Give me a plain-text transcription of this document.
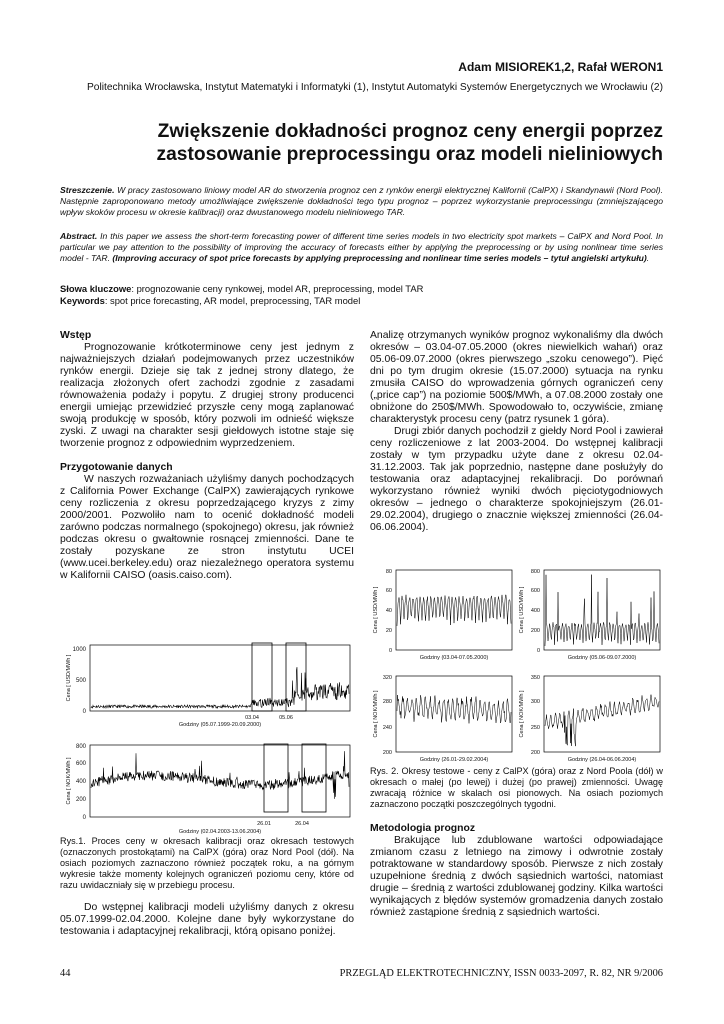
Adam MISIOREK1,2, Rafał WERON1
Politechnika Wrocławska, Instytut Matematyki i Informatyki (1), Instytut Automatyki Systemów Energetycznych we Wrocławiu (2)
Zwiększenie dokładności prognoz ceny energii poprzez
zastosowanie preprocessingu oraz modeli nieliniowych
Streszczenie. W pracy zastosowano liniowy model AR do stworzenia prognoz cen z rynków energii elektrycznej Kalifornii (CalPX) i Skandynawii (Nord Pool). Następnie zaproponowano metody umożliwiające zwiększenie dokładności tego typu prognoz – poprzez wykorzystanie preprocessingu (zmniejszającego wpływ skoków procesu w okresie kalibracji) oraz dwustanowego modelu nieliniowego TAR.
Abstract. In this paper we assess the short-term forecasting power of different time series models in two electricity spot markets – CalPX and Nord Pool. In particular we pay attention to the possibility of improving the accuracy of forecasts either by applying the preprocessing or by using nonlinear time series model - TAR. (Improving accuracy of spot price forecasts by applying preprocessing and nonlinear time series models – tytuł angielski artykułu).
Słowa kluczowe: prognozowanie ceny rynkowej, model AR, preprocessing, model TAR
Keywords: spot price forecasting, AR model, preprocessing, TAR model

Wstęp

Prognozowanie krótkoterminowe ceny jest jednym z najważniejszych działań podejmowanych przez uczestników rynków energii. Dzieje się tak z jednej strony dlatego, że realizacja złożonych ofert zachodzi zgodnie z zasadami równoważenia podaży i popytu. Z drugiej strony producenci energii umiejąc przewidzieć przyszłe ceny mogą zaplanować swoją produkcję w sposób, który pozwoli im odnieść większe zyski. Z uwagi na charakter sesji giełdowych istotne staje się tworzenie prognoz z odpowiednim wyprzedzeniem.

Przygotowanie danych

W naszych rozważaniach użyliśmy danych pochodzących z California Power Exchange (CalPX) zawierających rynkowe ceny rozliczenia z okresu poprzedzającego kryzys z zimy 2000/2001. Pozwoliło nam to ocenić dokładność modeli zarówno podczas normalnego (spokojnego) okresu, jak również podczas okresu o gwałtownie rosnącej zmienności. Dane te zostały pozyskane ze stron instytutu UCEI (www.ucei.berkeley.edu) oraz niezależnego operatora systemu w Kalifornii CAISO (oasis.caiso.com).

0
500
1000
Cena [ USD/MWh ]
03.04	05.06
Godziny (05.07.1999-20.09.2000)
0
200
400
600
800
Cena [ NOK/MWh ]
26.01	26.04
Godziny (02.04.2003-13.06.2004)
Rys.1. Proces ceny w okresach kalibracji oraz okresach testowych (oznaczonych prostokątami) na CalPX (góra) oraz Nord Pool (dół). Na osiach poziomych zaznaczono również początek roku, a na górnym wykresie także momenty kolejnych ograniczeń poziomu ceny, które od razu uwidaczniały się w przebiegu procesu.

Do wstępnej kalibracji modeli użyliśmy danych z okresu 05.07.1999-02.04.2000. Kolejne dane były wykorzystane do testowania i adaptacyjnej rekalibracji, którą opisano poniżej.

Analizę otrzymanych wyników prognoz wykonaliśmy dla dwóch okresów – 03.04-07.05.2000 (okres niewielkich wahań) oraz 05.06-09.07.2000 (okres pierwszego „szoku cenowego”). Pięć dni po tym drugim okresie (15.07.2000) sytuacja na rynku zmusiła CAISO do wprowadzenia górnych ograniczeń ceny („price cap”) na poziomie 500$/MWh, a 07.08.2000 zostały one obniżone do 250$/MWh. Spowodowało to, oczywiście, zmianę charakterystyk procesu ceny (patrz rysunek 1 góra).

Drugi zbiór danych pochodził z giełdy Nord Pool i zawierał ceny rozliczeniowe z lat 2003-2004. Do wstępnej kalibracji zostały w tym przypadku użyte dane z okresu 02.04-31.12.2003. Tak jak poprzednio, następne dane posłużyły do testowania oraz adaptacyjnej rekalibracji. Do porównań wykorzystano również wyniki dwóch pięciotygodniowych okresów – jednego o charakterze spokojniejszym (26.01-29.02.2004), drugiego o znacznie większej zmienności (26.04-06.06.2004).

0
20
40
60
80
Cena [ USD/MWh ]
Godziny (03.04-07.05.2000)
0
200
400
600
800
Cena [ USD/MWh ]
Godziny (05.06-09.07.2000)
200
240
280
320
Cena [ NOK/MWh ]
Godziny (26.01-29.02.2004)
200
250
300
350
Cena [ NOK/MWh ]
Godziny (26.04-06.06.2004)
Rys. 2. Okresy testowe - ceny z CalPX (góra) oraz z Nord Poola (dół) w okresach o małej (po lewej) i dużej (po prawej) zmienności. Uwagę zwracają różnice w skalach osi pionowych. Na osiach poziomych zaznaczono początki poszczególnych tygodni.

Metodologia prognoz

Brakujące lub zdublowane wartości odpowiadające zmianom czasu z letniego na zimowy i odwrotnie zostały potraktowane w standardowy sposób. Pierwsze z nich zostały uzupełnione średnią z dwóch sąsiednich wartości, natomiast drugie – średnią z wartości zdublowanej godziny. Kilka wartości wynikających z błędów systemów gromadzenia danych zostało również zastąpione średnią z sąsiednich wartości.

44	PRZEGLĄD ELEKTROTECHNICZNY, ISSN 0033-2097, R. 82, NR 9/2006
